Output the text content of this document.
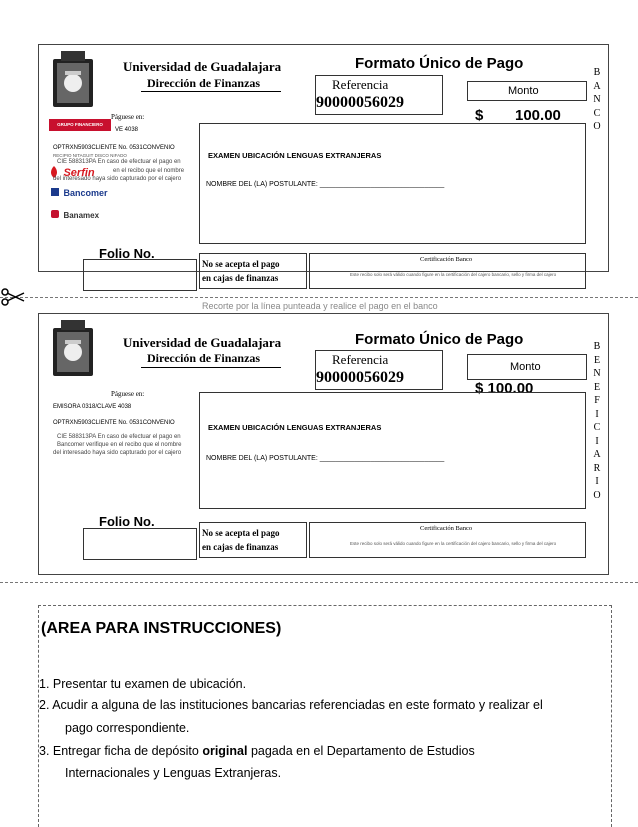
Universidad de Guadalajara
Dirección de Finanzas
Formato Único de Pago
Referencia
90000056029
Monto
$ 100.00
Páguese en:
GRUPO FINANCIERO BANORTE
VE 4038
OPTRXN5903CLIENTE No. 0531CONVENIO
RECIPIO NITAGUIT DISCO NIFADO
CIE 588313PA En caso de efectuar el pago en
Serfin	en el recibo que el nombre
del interesado haya sido capturado por el cajero
Bancomer
Banamex
EXAMEN UBICACIÓN LENGUAS EXTRANJERAS
NOMBRE DEL (LA) POSTULANTE: ________________________________
Folio No.
No se acepta el pago
en cajas de finanzas
Certificación Banco
Este recibo solo será válido cuando figure en la certificación del cajero bancario, sello y firma del cajero
B
A
N
C
O
Recorte por la línea punteada y realice el pago en el banco
Universidad de Guadalajara
Dirección de Finanzas
Formato Único de Pago
Referencia
90000056029
Monto
$ 100.00
Páguese en:
EMISORA 0318/CLAVE 4038
OPTRXN5903CLIENTE No. 0531CONVENIO
CIE 588313PA En caso de efectuar el pago en
Bancomer verifique en el recibo que el nombre
del interesado haya sido capturado por el cajero
EXAMEN UBICACIÓN LENGUAS EXTRANJERAS
NOMBRE DEL (LA) POSTULANTE: ________________________________
Folio No.
No se acepta el pago
en cajas de finanzas
Certificación Banco
Este recibo solo será válido cuando figure en la certificación del cajero bancario, sello y firma del cajero
B
E
N
E
F
I
C
I
A
R
I
O
(AREA PARA INSTRUCCIONES)
1. Presentar tu examen de ubicación.
2. Acudir a alguna de las instituciones bancarias referenciadas en este formato y realizar el
pago correspondiente.
3. Entregar ficha de depósito original pagada en el Departamento de Estudios
Internacionales y Lenguas Extranjeras.
